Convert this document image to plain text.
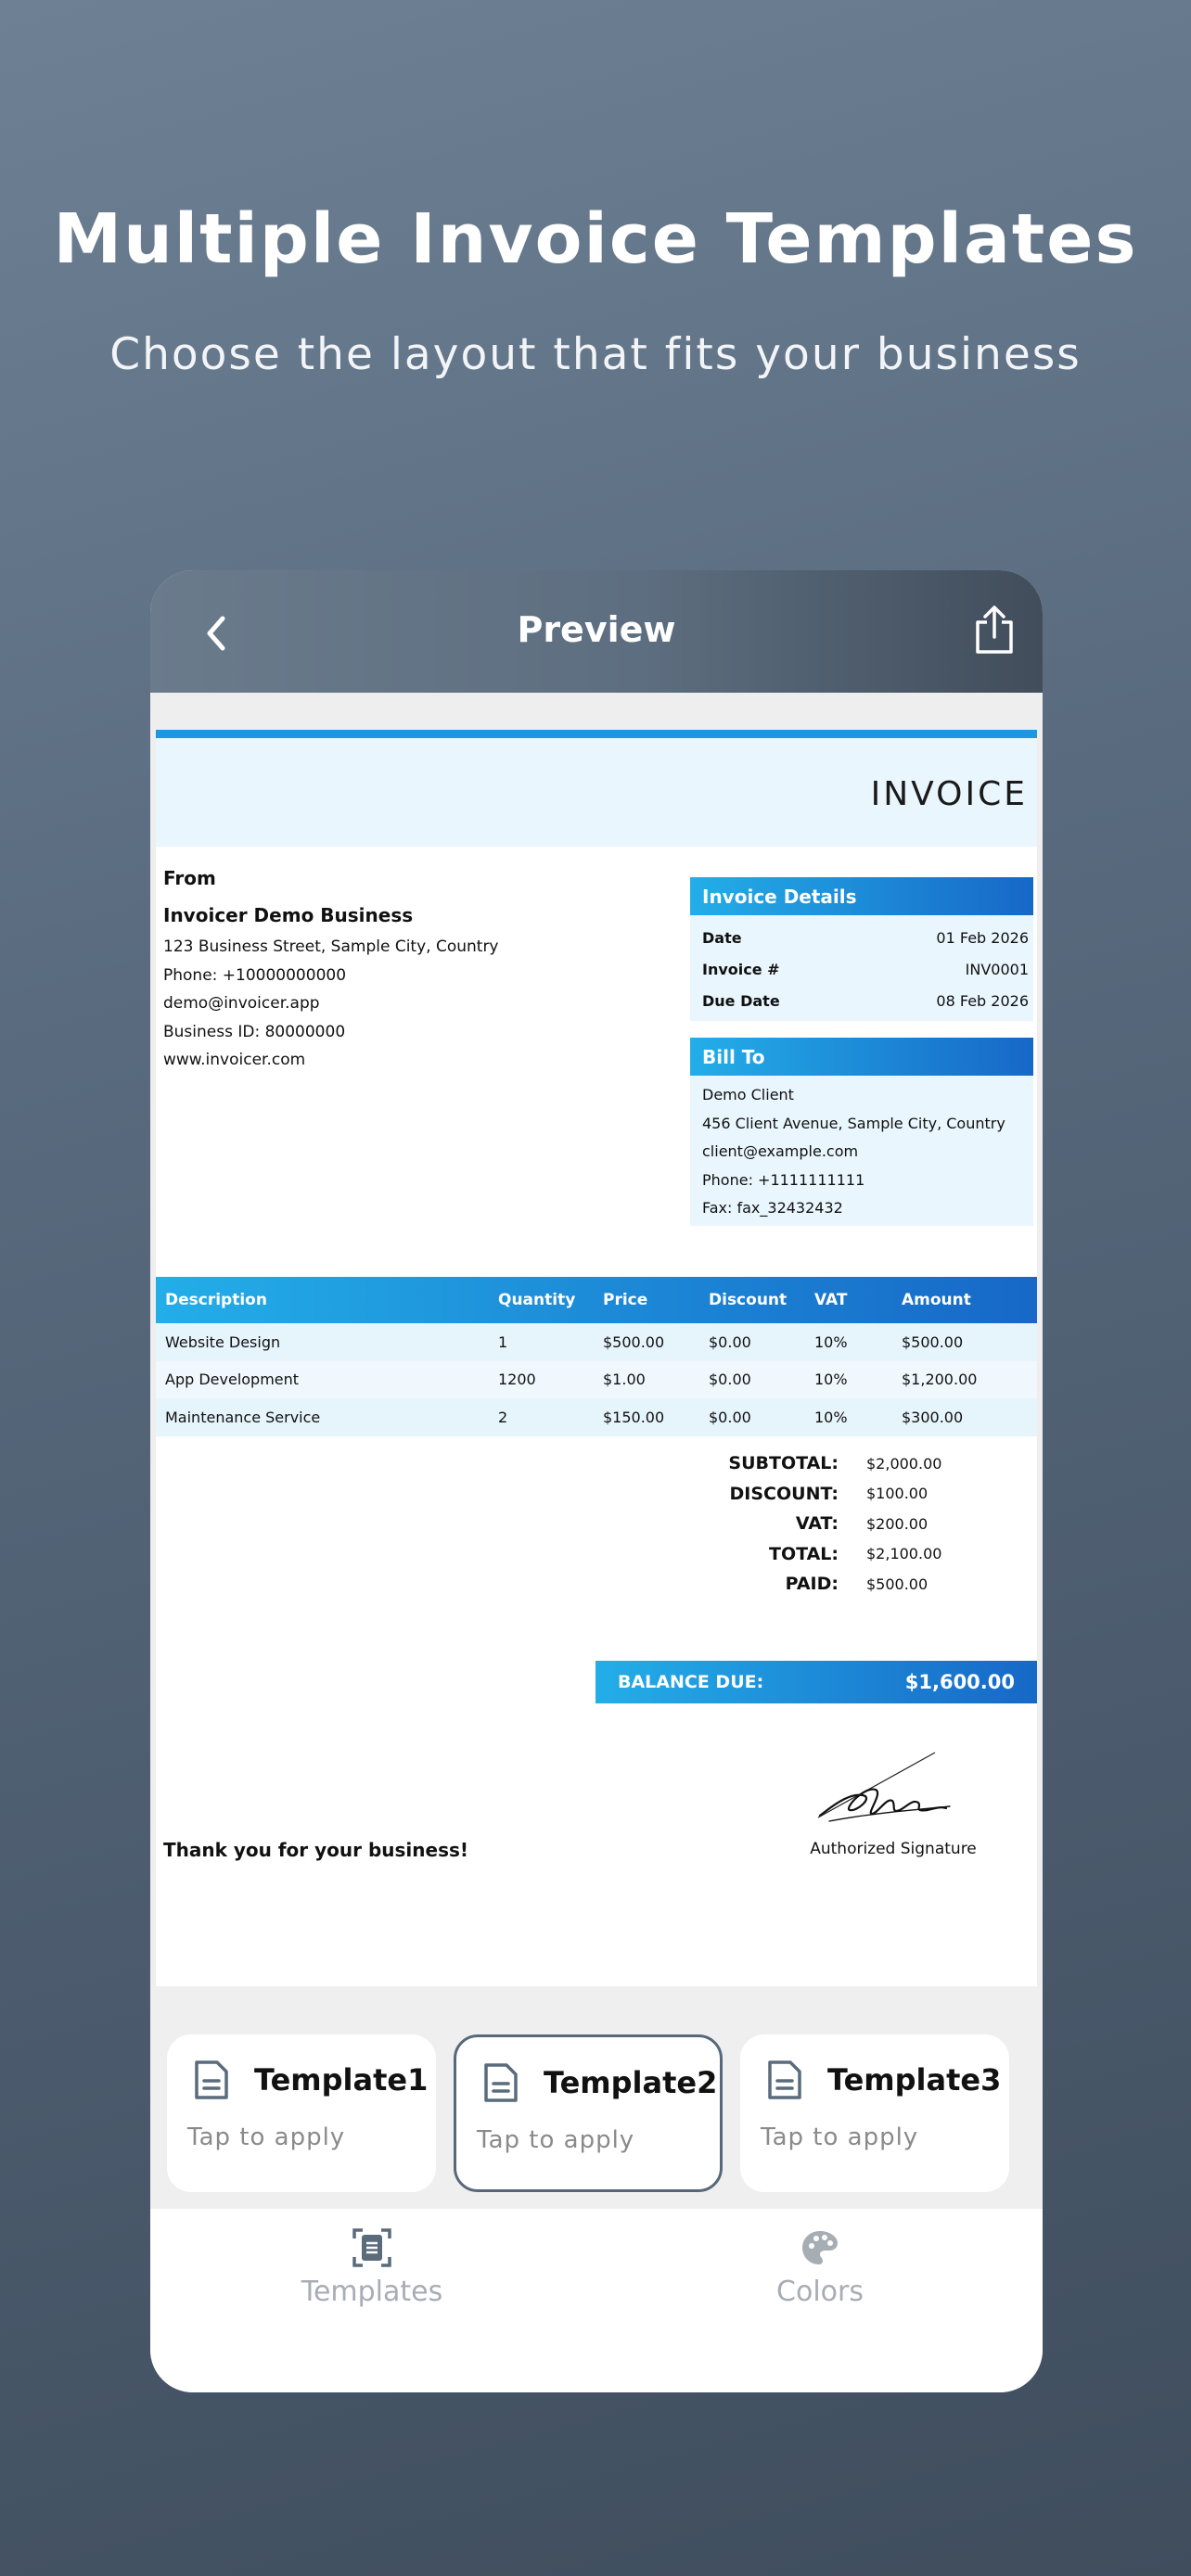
Multiple Invoice Templates
Choose the layout that fits your business
Preview
INVOICE
From
Invoicer Demo Business
123 Business Street, Sample City, Country
Phone: +10000000000
demo@invoicer.app
Business ID: 80000000
www.invoicer.com
Invoice Details
Date	01 Feb 2026
Invoice #	INV0001
Due Date	08 Feb 2026
Bill To
Demo Client
456 Client Avenue, Sample City, Country
client@example.com
Phone: +1111111111
Fax: fax_32432432
Description	Quantity	Price	Discount	VAT	Amount
Website Design	1	$500.00	$0.00	10%	$500.00
App Development	1200	$1.00	$0.00	10%	$1,200.00
Maintenance Service	2	$150.00	$0.00	10%	$300.00
SUBTOTAL:	$2,000.00
DISCOUNT:	$100.00
VAT:	$200.00
TOTAL:	$2,100.00
PAID:	$500.00
BALANCE DUE:	$1,600.00
Authorized Signature
Thank you for your business!
Template1
Tap to apply
Template2
Tap to apply
Template3
Tap to apply
Templates	Colors
